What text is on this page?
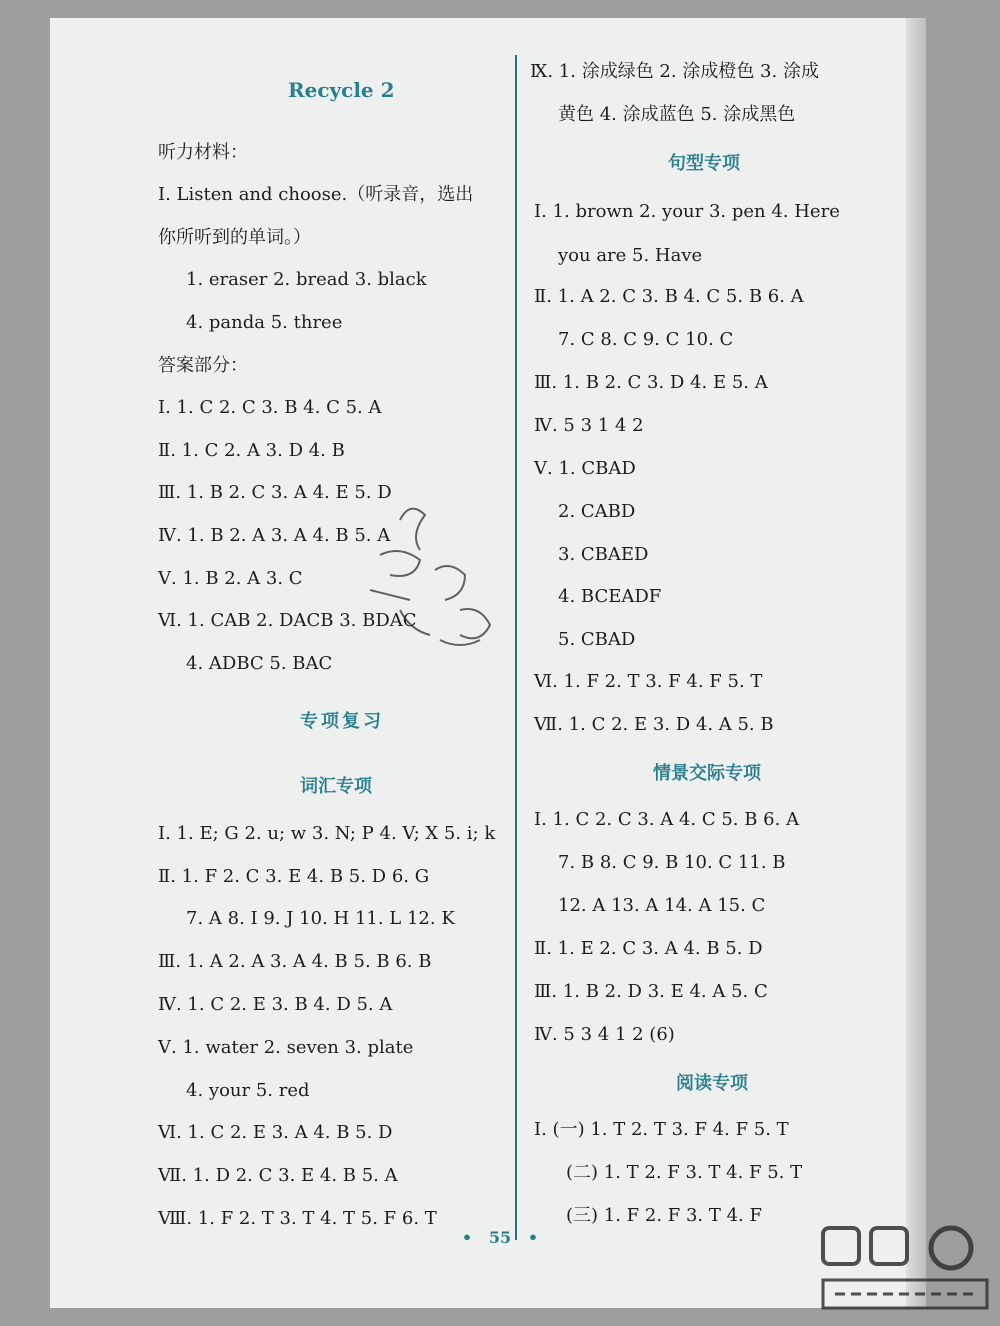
Recycle 2
听力材料：
Ⅰ. Listen and choose.（听录音，选出
你所听到的单词。）
1. eraser 2. bread 3. black
4. panda 5. three
答案部分：
Ⅰ. 1. C 2. C 3. B 4. C 5. A
Ⅱ. 1. C 2. A 3. D 4. B
Ⅲ. 1. B 2. C 3. A 4. E 5. D
Ⅳ. 1. B 2. A 3. A 4. B 5. A
Ⅴ. 1. B 2. A 3. C
Ⅵ. 1. CAB 2. DACB 3. BDAC
4. ADBC 5. BAC
专项复习
词汇专项
Ⅰ. 1. E; G 2. u; w 3. N; P 4. V; X 5. i; k
Ⅱ. 1. F 2. C 3. E 4. B 5. D 6. G
7. A 8. I 9. J 10. H 11. L 12. K
Ⅲ. 1. A 2. A 3. A 4. B 5. B 6. B
Ⅳ. 1. C 2. E 3. B 4. D 5. A
Ⅴ. 1. water 2. seven 3. plate
4. your 5. red
Ⅵ. 1. C 2. E 3. A 4. B 5. D
Ⅶ. 1. D 2. C 3. E 4. B 5. A
Ⅷ. 1. F 2. T 3. T 4. T 5. F 6. T
Ⅸ. 1. 涂成绿色 2. 涂成橙色 3. 涂成
黄色 4. 涂成蓝色 5. 涂成黑色
句型专项
Ⅰ. 1. brown 2. your 3. pen 4. Here
you are 5. Have
Ⅱ. 1. A 2. C 3. B 4. C 5. B 6. A
7. C 8. C 9. C 10. C
Ⅲ. 1. B 2. C 3. D 4. E 5. A
Ⅳ. 5 3 1 4 2
Ⅴ. 1. CBAD
2. CABD
3. CBAED
4. BCEADF
5. CBAD
Ⅵ. 1. F 2. T 3. F 4. F 5. T
Ⅶ. 1. C 2. E 3. D 4. A 5. B
情景交际专项
Ⅰ. 1. C 2. C 3. A 4. C 5. B 6. A
7. B 8. C 9. B 10. C 11. B
12. A 13. A 14. A 15. C
Ⅱ. 1. E 2. C 3. A 4. B 5. D
Ⅲ. 1. B 2. D 3. E 4. A 5. C
Ⅳ. 5 3 4 1 2 (6)
阅读专项
Ⅰ. (一) 1. T 2. T 3. F 4. F 5. T
(二) 1. T 2. F 3. T 4. F 5. T
(三) 1. F 2. F 3. T 4. F
• 55 •
